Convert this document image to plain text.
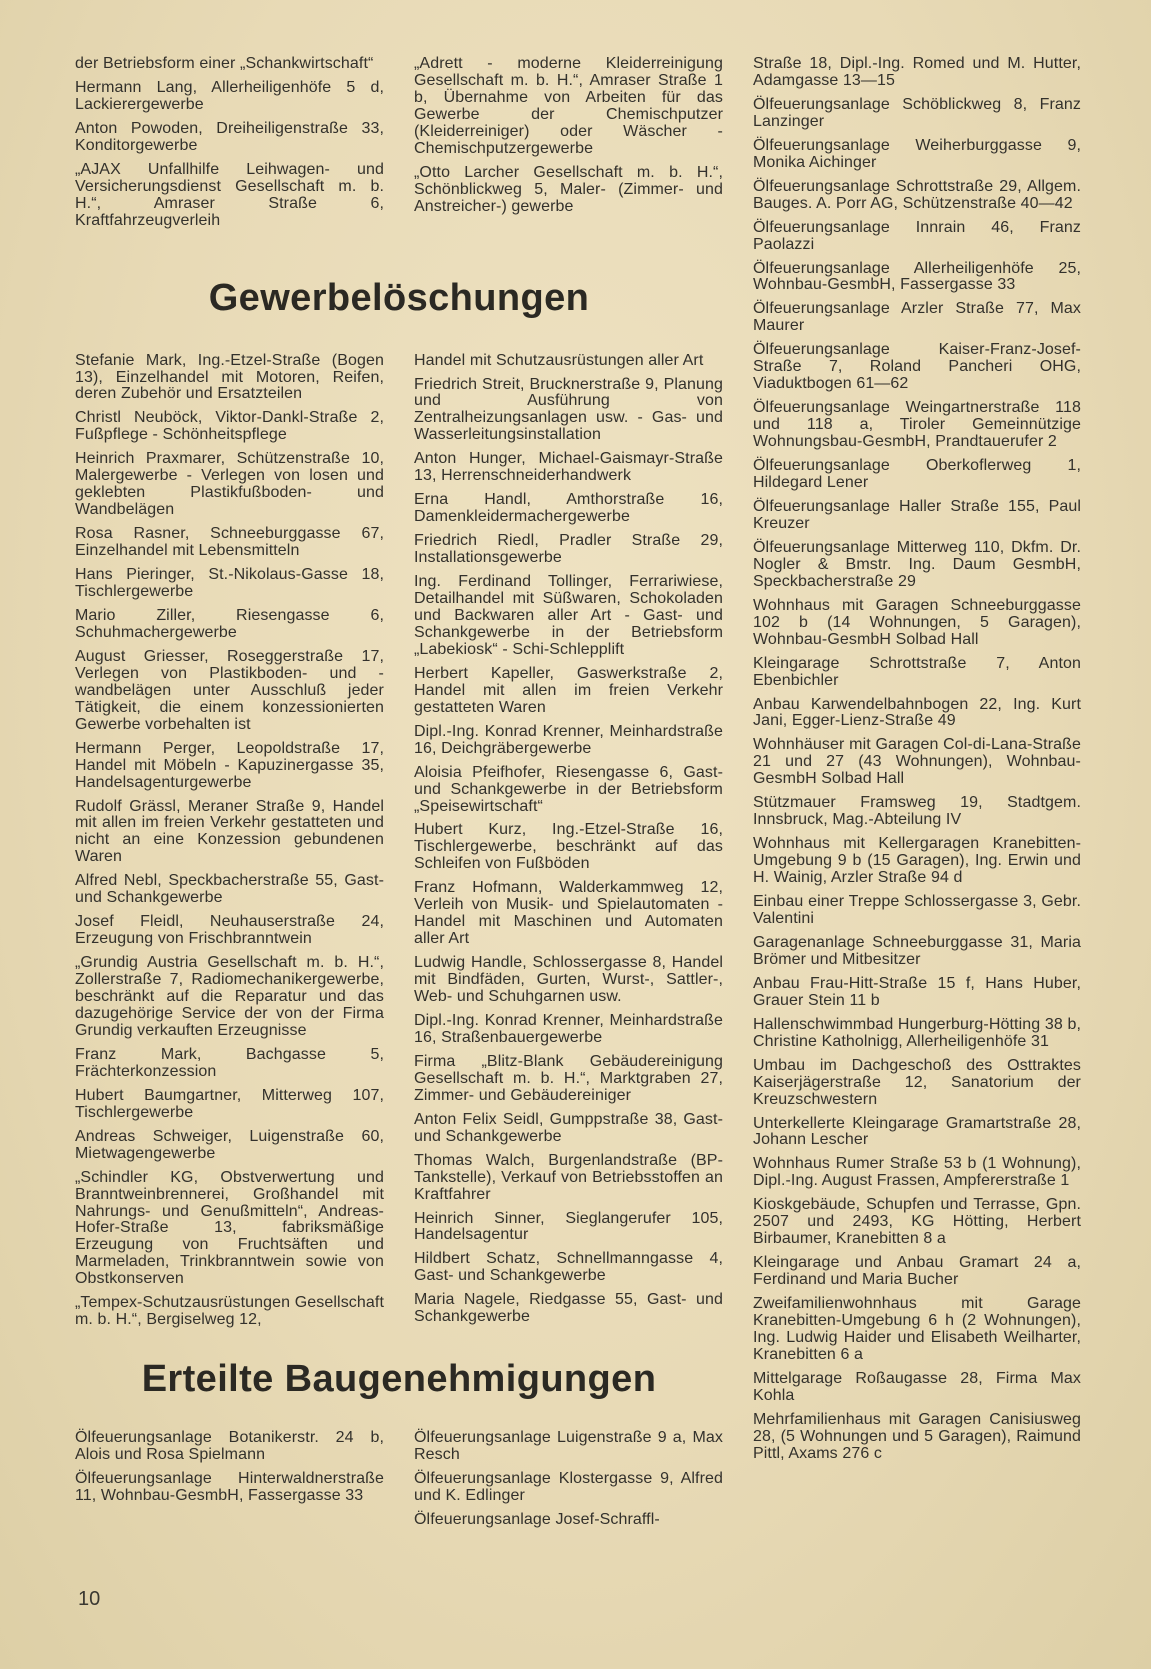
der Betriebsform einer „Schankwirtschaft“

Hermann Lang, Allerheiligenhöfe 5 d, Lackierergewerbe

Anton Powoden, Dreiheiligenstraße 33, Konditorgewerbe

„AJAX Unfallhilfe Leihwagen- und Versicherungsdienst Gesellschaft m. b. H.“, Amraser Straße 6, Kraftfahrzeugverleih

„Adrett - moderne Kleiderreinigung Gesellschaft m. b. H.“, Amraser Straße 1 b, Übernahme von Arbeiten für das Gewerbe der Chemischputzer (Kleiderreiniger) oder Wäscher - Chemischputzergewerbe

„Otto Larcher Gesellschaft m. b. H.“, Schönblickweg 5, Maler- (Zimmer- und Anstreicher-) gewerbe

Gewerbelöschungen

Stefanie Mark, Ing.-Etzel-Straße (Bogen 13), Einzelhandel mit Motoren, Reifen, deren Zubehör und Ersatzteilen

Christl Neuböck, Viktor-Dankl-Straße 2, Fußpflege - Schönheitspflege

Heinrich Praxmarer, Schützenstraße 10, Malergewerbe - Verlegen von losen und geklebten Plastikfußboden- und Wandbelägen

Rosa Rasner, Schneeburggasse 67, Einzelhandel mit Lebensmitteln

Hans Pieringer, St.-Nikolaus-Gasse 18, Tischlergewerbe

Mario Ziller, Riesengasse 6, Schuhmachergewerbe

August Griesser, Roseggerstraße 17, Verlegen von Plastikboden- und -wandbelägen unter Ausschluß jeder Tätigkeit, die einem konzessionierten Gewerbe vorbehalten ist

Hermann Perger, Leopoldstraße 17, Handel mit Möbeln - Kapuzinergasse 35, Handelsagenturgewerbe

Rudolf Grässl, Meraner Straße 9, Handel mit allen im freien Verkehr gestatteten und nicht an eine Konzession gebundenen Waren

Alfred Nebl, Speckbacherstraße 55, Gast- und Schankgewerbe

Josef Fleidl, Neuhauserstraße 24, Erzeugung von Frischbranntwein

„Grundig Austria Gesellschaft m. b. H.“, Zollerstraße 7, Radiomechanikergewerbe, beschränkt auf die Reparatur und das dazugehörige Service der von der Firma Grundig verkauften Erzeugnisse

Franz Mark, Bachgasse 5, Frächterkonzession

Hubert Baumgartner, Mitterweg 107, Tischlergewerbe

Andreas Schweiger, Luigenstraße 60, Mietwagengewerbe

„Schindler KG, Obstverwertung und Branntweinbrennerei, Großhandel mit Nahrungs- und Genußmitteln“, Andreas-Hofer-Straße 13, fabriksmäßige Erzeugung von Fruchtsäften und Marmeladen, Trinkbranntwein sowie von Obstkonserven

„Tempex-Schutzausrüstungen Gesellschaft m. b. H.“, Bergiselweg 12,

Handel mit Schutzausrüstungen aller Art

Friedrich Streit, Brucknerstraße 9, Planung und Ausführung von Zentralheizungsanlagen usw. - Gas- und Wasserleitungsinstallation

Anton Hunger, Michael-Gaismayr-Straße 13, Herrenschneiderhandwerk

Erna Handl, Amthorstraße 16, Damenkleidermachergewerbe

Friedrich Riedl, Pradler Straße 29, Installationsgewerbe

Ing. Ferdinand Tollinger, Ferrariwiese, Detailhandel mit Süßwaren, Schokoladen und Backwaren aller Art - Gast- und Schankgewerbe in der Betriebsform „Labekiosk“ - Schi-Schlepplift

Herbert Kapeller, Gaswerkstraße 2, Handel mit allen im freien Verkehr gestatteten Waren

Dipl.-Ing. Konrad Krenner, Meinhardstraße 16, Deichgräbergewerbe

Aloisia Pfeifhofer, Riesengasse 6, Gast- und Schankgewerbe in der Betriebsform „Speisewirtschaft“

Hubert Kurz, Ing.-Etzel-Straße 16, Tischlergewerbe, beschränkt auf das Schleifen von Fußböden

Franz Hofmann, Walderkammweg 12, Verleih von Musik- und Spielautomaten - Handel mit Maschinen und Automaten aller Art

Ludwig Handle, Schlossergasse 8, Handel mit Bindfäden, Gurten, Wurst-, Sattler-, Web- und Schuhgarnen usw.

Dipl.-Ing. Konrad Krenner, Meinhardstraße 16, Straßenbauergewerbe

Firma „Blitz-Blank Gebäudereinigung Gesellschaft m. b. H.“, Marktgraben 27, Zimmer- und Gebäudereiniger

Anton Felix Seidl, Gumppstraße 38, Gast- und Schankgewerbe

Thomas Walch, Burgenlandstraße (BP-Tankstelle), Verkauf von Betriebsstoffen an Kraftfahrer

Heinrich Sinner, Sieglangerufer 105, Handelsagentur

Hildbert Schatz, Schnellmanngasse 4, Gast- und Schankgewerbe

Maria Nagele, Riedgasse 55, Gast- und Schankgewerbe

Erteilte Baugenehmigungen

Ölfeuerungsanlage Botanikerstr. 24 b, Alois und Rosa Spielmann

Ölfeuerungsanlage Hinterwaldnerstraße 11, Wohnbau-GesmbH, Fassergasse 33

Ölfeuerungsanlage Luigenstraße 9 a, Max Resch

Ölfeuerungsanlage Klostergasse 9, Alfred und K. Edlinger

Ölfeuerungsanlage Josef-Schraffl-

Straße 18, Dipl.-Ing. Romed und M. Hutter, Adamgasse 13—15

Ölfeuerungsanlage Schöblickweg 8, Franz Lanzinger

Ölfeuerungsanlage Weiherburggasse 9, Monika Aichinger

Ölfeuerungsanlage Schrottstraße 29, Allgem. Bauges. A. Porr AG, Schützenstraße 40—42

Ölfeuerungsanlage Innrain 46, Franz Paolazzi

Ölfeuerungsanlage Allerheiligenhöfe 25, Wohnbau-GesmbH, Fassergasse 33

Ölfeuerungsanlage Arzler Straße 77, Max Maurer

Ölfeuerungsanlage Kaiser-Franz-Josef-Straße 7, Roland Pancheri OHG, Viaduktbogen 61—62

Ölfeuerungsanlage Weingartnerstraße 118 und 118 a, Tiroler Gemeinnützige Wohnungsbau-GesmbH, Prandtauerufer 2

Ölfeuerungsanlage Oberkoflerweg 1, Hildegard Lener

Ölfeuerungsanlage Haller Straße 155, Paul Kreuzer

Ölfeuerungsanlage Mitterweg 110, Dkfm. Dr. Nogler & Bmstr. Ing. Daum GesmbH, Speckbacherstraße 29

Wohnhaus mit Garagen Schneeburggasse 102 b (14 Wohnungen, 5 Garagen), Wohnbau-GesmbH Solbad Hall

Kleingarage Schrottstraße 7, Anton Ebenbichler

Anbau Karwendelbahnbogen 22, Ing. Kurt Jani, Egger-Lienz-Straße 49

Wohnhäuser mit Garagen Col-di-Lana-Straße 21 und 27 (43 Wohnungen), Wohnbau-GesmbH Solbad Hall

Stützmauer Framsweg 19, Stadtgem. Innsbruck, Mag.-Abteilung IV

Wohnhaus mit Kellergaragen Kranebitten-Umgebung 9 b (15 Garagen), Ing. Erwin und H. Wainig, Arzler Straße 94 d

Einbau einer Treppe Schlossergasse 3, Gebr. Valentini

Garagenanlage Schneeburggasse 31, Maria Brömer und Mitbesitzer

Anbau Frau-Hitt-Straße 15 f, Hans Huber, Grauer Stein 11 b

Hallenschwimmbad Hungerburg-Hötting 38 b, Christine Katholnigg, Allerheiligenhöfe 31

Umbau im Dachgeschoß des Osttraktes Kaiserjägerstraße 12, Sanatorium der Kreuzschwestern

Unterkellerte Kleingarage Gramartstraße 28, Johann Lescher

Wohnhaus Rumer Straße 53 b (1 Wohnung), Dipl.-Ing. August Frassen, Ampfererstraße 1

Kioskgebäude, Schupfen und Terrasse, Gpn. 2507 und 2493, KG Hötting, Herbert Birbaumer, Kranebitten 8 a

Kleingarage und Anbau Gramart 24 a, Ferdinand und Maria Bucher

Zweifamilienwohnhaus mit Garage Kranebitten-Umgebung 6 h (2 Wohnungen), Ing. Ludwig Haider und Elisabeth Weilharter, Kranebitten 6 a

Mittelgarage Roßaugasse 28, Firma Max Kohla

Mehrfamilienhaus mit Garagen Canisiusweg 28, (5 Wohnungen und 5 Garagen), Raimund Pittl, Axams 276 c

10
